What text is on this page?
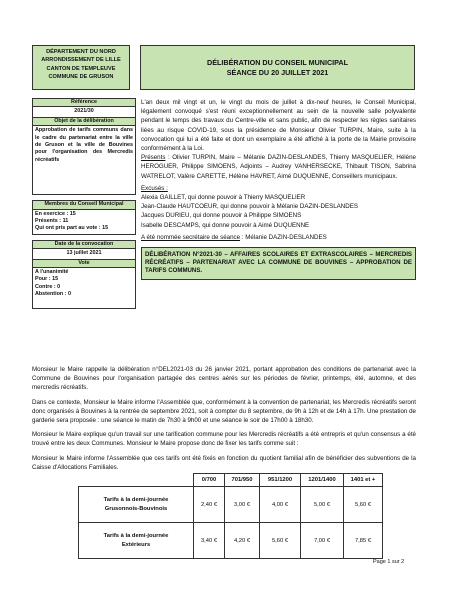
DÉPARTEMENT DU NORD
ARRONDISSEMENT DE LILLE
CANTON DE TEMPLEUVE
COMMUNE DE GRUSON
DÉLIBÉRATION DU CONSEIL MUNICIPAL
SÉANCE DU 20 JUILLET 2021
Référence
2021/30
Objet de la délibération
Approbation de tarifs communs dans le cadre du partenariat entre la ville de Gruson et la ville de Bouvines pour l'organisation des Mercredis récréatifs
Membres du Conseil Municipal
En exercice : 15
Présents : 11
Qui ont pris part au vote : 15
Date de la convocation
13 juillet 2021
Vote
A l'unanimité
Pour : 15
Contre : 0
Abstention : 0

L'an deux mil vingt et un, le vingt du mois de juillet à dix-neuf heures, le Conseil Municipal, légalement convoqué s'est réuni exceptionnellement au sein de la nouvelle salle polyvalente pendant le temps des travaux du Centre-ville et sans public, afin de respecter les règles sanitaires liées au risque COVID-19, sous la présidence de Monsieur Olivier TURPIN, Maire, suite à la convocation qui lui a été faite et dont un exemplaire a été affiché à la porte de la Mairie provisoire conformément à la Loi.

Présents : Olivier TURPIN, Maire – Mélanie DAZIN-DESLANDES, Thierry MASQUELIER, Hélène HEROGUER, Philippe SIMOENS, Adjoints – Audrey VANHERSECKE, Thibault TISON, Sabrina WATRELOT, Valère CARETTE, Hélène HAVRET, Aimé DUQUENNE, Conseillers municipaux.

Excusés :
Alexia GAILLET, qui donne pouvoir à Thierry MASQUELIER
Jean-Claude HAUTCOEUR, qui donne pouvoir à Mélanie DAZIN-DESLANDES
Jacques DURIEU, qui donne pouvoir à Philippe SIMOENS
Isabelle DESCAMPS, qui donne pouvoir à Aimé DUQUENNE

A été nommée secrétaire de séance : Mélanie DAZIN-DESLANDES

DÉLIBÉRATION N°2021-30 – AFFAIRES SCOLAIRES ET EXTRASCOLAIRES – MERCREDIS RÉCRÉATIFS – PARTENARIAT AVEC LA COMMUNE DE BOUVINES – APPROBATION DE TARIFS COMMUNS.

Monsieur le Maire rappelle la délibération n°DEL2021-03 du 26 janvier 2021, portant approbation des conditions de partenariat avec la Commune de Bouvines pour l'organisation partagée des centres aérés sur les périodes de février, printemps, été, automne, et des mercredis récréatifs.

Dans ce contexte, Monsieur le Maire informe l'Assemblée que, conformément à la convention de partenariat, les Mercredis récréatifs seront donc organisés à Bouvines à la rentrée de septembre 2021, soit à compter du 8 septembre, de 9h à 12h et de 14h à 17h. Une prestation de garderie sera proposée : une séance le matin de 7h30 à 9h00 et une séance le soir de 17h00 à 18h30.

Monsieur le Maire explique qu'un travail sur une tarification commune pour les Mercredis récréatifs a été entrepris et qu'un consensus a été trouvé entre les deux Communes. Monsieur le Maire propose donc de fixer les tarifs comme suit :

Monsieur le Maire informe l'Assemblée que ces tarifs ont été fixés en fonction du quotient familial afin de bénéficier des subventions de la Caisse d'Allocations Familiales.

	0/700	701/950	951/1200	1201/1400	1401 et +

Tarifs à la demi-journée
Grusonnois-Bouvinois	2,40 €	3,00 €	4,00 €	5,00 €	5,60 €

Tarifs à la demi-journée
Extérieurs	3,40 €	4,20 €	5,60 €	7,00 €	7,85 €
Page 1 sur 2
